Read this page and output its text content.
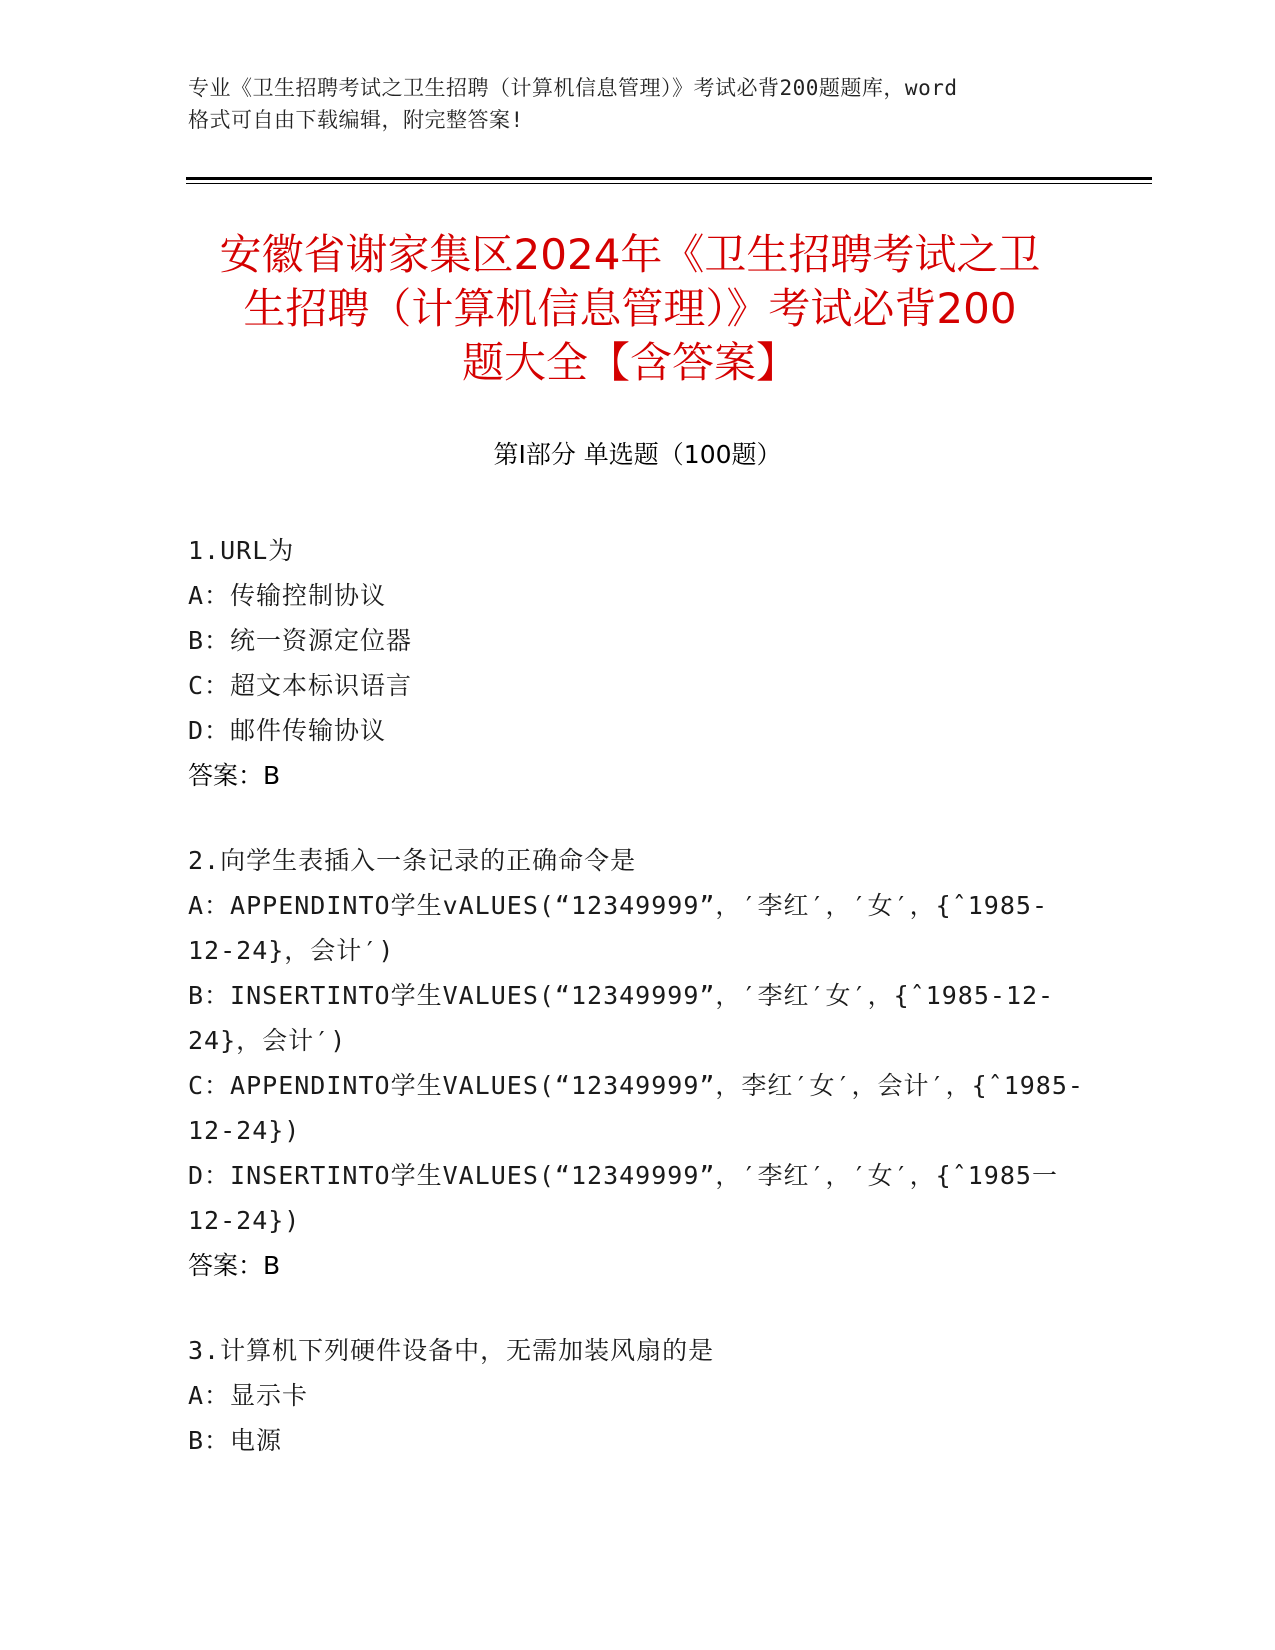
专业《卫生招聘考试之卫生招聘（计算机信息管理）》考试必背200题题库，word
格式可自由下载编辑，附完整答案!
安徽省谢家集区2024年《卫生招聘考试之卫
生招聘（计算机信息管理）》考试必背200
题大全【含答案】
第I部分 单选题（100题）
1.URL为
A：传输控制协议
B：统一资源定位器
C：超文本标识语言
D：邮件传输协议
答案：B
2.向学生表插入一条记录的正确命令是
A：APPENDINTO学生vALUES(“12349999”，′李红′，′女′，{ˆ1985-12-24}，会计′)
B：INSERTINTO学生VALUES(“12349999”，′李红′女′，{ˆ1985-12-24}，会计′)
C：APPENDINTO学生VALUES(“12349999”，李红′女′，会计′，{ˆ1985-12-24})
D：INSERTINTO学生VALUES(“12349999”，′李红′，′女′，{ˆ1985一12-24})
答案：B
3.计算机下列硬件设备中，无需加装风扇的是
A：显示卡
B：电源
